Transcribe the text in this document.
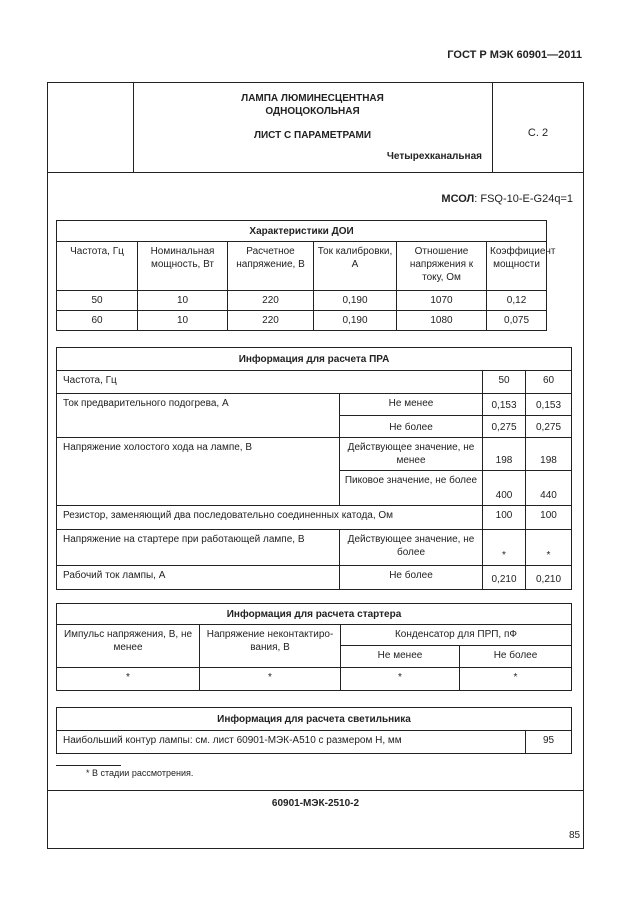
ГОСТ Р МЭК 60901—2011
ЛАМПА ЛЮМИНЕСЦЕНТНАЯ
ОДНОЦОКОЛЬНАЯ
ЛИСТ С ПАРАМЕТРАМИ
Четырехканальная
С. 2
МСОЛ: FSQ-10-E-G24q=1
Характеристики ДОИ					
Частота, Гц	Номинальная мощность, Вт	Расчетное напряжение, В	Ток калибровки, А	Отношение напряжения к току, Ом	Коэффициент мощности
50	10	220	0,190	1070	0,12
60	10	220	0,190	1080	0,075
Информация для расчета ПРА			
Частота, Гц		50	60
Ток предварительного подогрева, А	Не менее	0,153	0,153
	Не более	0,275	0,275
Напряжение холостого хода на лампе, В	Действующее значение, не менее	198	198
	Пиковое значение, не более	400	440
Резистор, заменяющий два последовательно соединенных катода, Ом		100	100
Напряжение на стартере при работающей лампе, В	Действующее значение, не более	*	*
Рабочий ток лампы, А	Не более	0,210	0,210
Информация для расчета стартера			
Импульс напряжения, В, не менее	Напряжение неконтактиро-вания, В	Конденсатор для ПРП, пФ	
		Не менее	Не более
*	*	*	*
Информация для расчета светильника
Наибольший контур лампы: см. лист 60901-МЭК-А510 с размером H, мм	95
* В стадии рассмотрения.
60901-МЭК-2510-2
85
